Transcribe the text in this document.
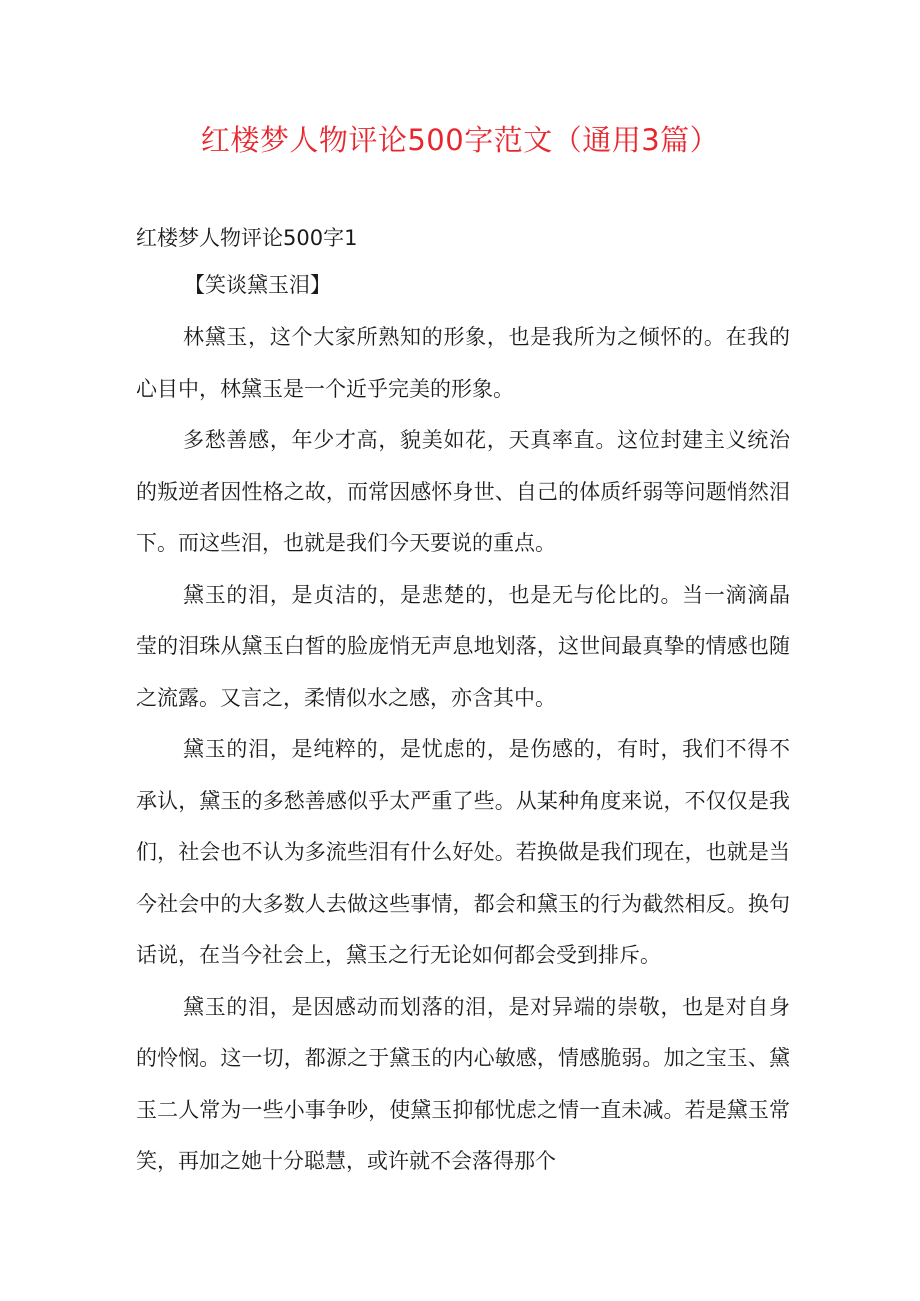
红楼梦人物评论500字范文（通用3篇）
红楼梦人物评论500字1
【笑谈黛玉泪】

林黛玉，这个大家所熟知的形象，也是我所为之倾怀的。在我的心目中，林黛玉是一个近乎完美的形象。

多愁善感，年少才高，貌美如花，天真率直。这位封建主义统治的叛逆者因性格之故，而常因感怀身世、自己的体质纤弱等问题悄然泪下。而这些泪，也就是我们今天要说的重点。

黛玉的泪，是贞洁的，是悲楚的，也是无与伦比的。当一滴滴晶莹的泪珠从黛玉白皙的脸庞悄无声息地划落，这世间最真挚的情感也随之流露。又言之，柔情似水之感，亦含其中。

黛玉的泪，是纯粹的，是忧虑的，是伤感的，有时，我们不得不承认，黛玉的多愁善感似乎太严重了些。从某种角度来说，不仅仅是我们，社会也不认为多流些泪有什么好处。若换做是我们现在，也就是当今社会中的大多数人去做这些事情，都会和黛玉的行为截然相反。换句话说，在当今社会上，黛玉之行无论如何都会受到排斥。

黛玉的泪，是因感动而划落的泪，是对异端的崇敬，也是对自身的怜悯。这一切，都源之于黛玉的内心敏感，情感脆弱。加之宝玉、黛玉二人常为一些小事争吵，使黛玉抑郁忧虑之情一直未减。若是黛玉常笑，再加之她十分聪慧，或许就不会落得那个
